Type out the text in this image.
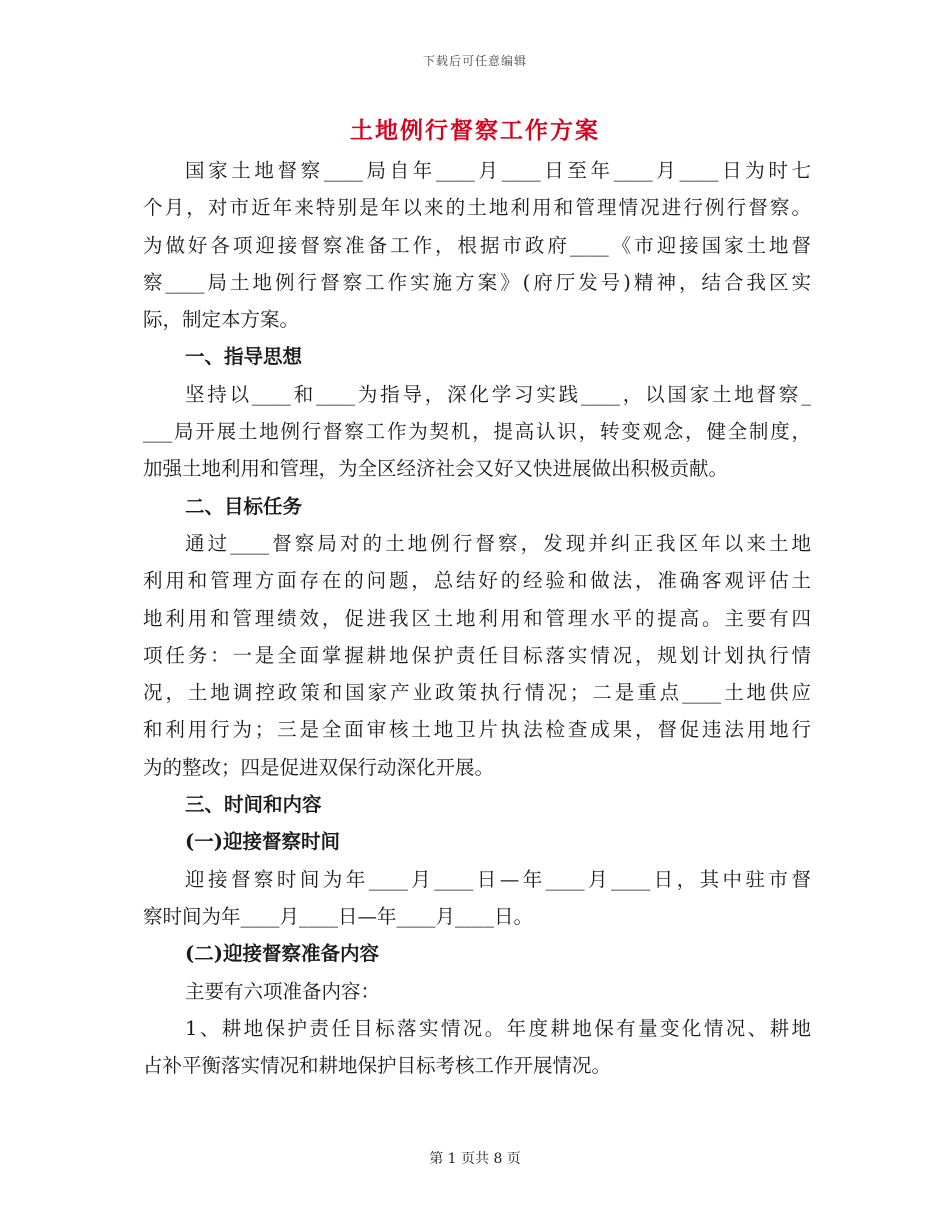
下载后可任意编辑
土地例行督察工作方案
国家土地督察____局自年____月____日至年____月____日为时七
个月，对市近年来特别是年以来的土地利用和管理情况进行例行督察。
为做好各项迎接督察准备工作，根据市政府____《市迎接国家土地督
察____局土地例行督察工作实施方案》(府厅发号)精神，结合我区实
际，制定本方案。
一、指导思想
坚持以____和____为指导，深化学习实践____，以国家土地督察_
___局开展土地例行督察工作为契机，提高认识，转变观念，健全制度，
加强土地利用和管理，为全区经济社会又好又快进展做出积极贡献。
二、目标任务
通过____督察局对的土地例行督察，发现并纠正我区年以来土地
利用和管理方面存在的问题，总结好的经验和做法，准确客观评估土
地利用和管理绩效，促进我区土地利用和管理水平的提高。主要有四
项任务：一是全面掌握耕地保护责任目标落实情况，规划计划执行情
况，土地调控政策和国家产业政策执行情况；二是重点____土地供应
和利用行为；三是全面审核土地卫片执法检查成果，督促违法用地行
为的整改；四是促进双保行动深化开展。
三、时间和内容
(一)迎接督察时间
迎接督察时间为年____月____日—年____月____日，其中驻市督
察时间为年____月____日—年____月____日。
(二)迎接督察准备内容
主要有六项准备内容：
1、耕地保护责任目标落实情况。年度耕地保有量变化情况、耕地
占补平衡落实情况和耕地保护目标考核工作开展情况。
第 1 页共 8 页
